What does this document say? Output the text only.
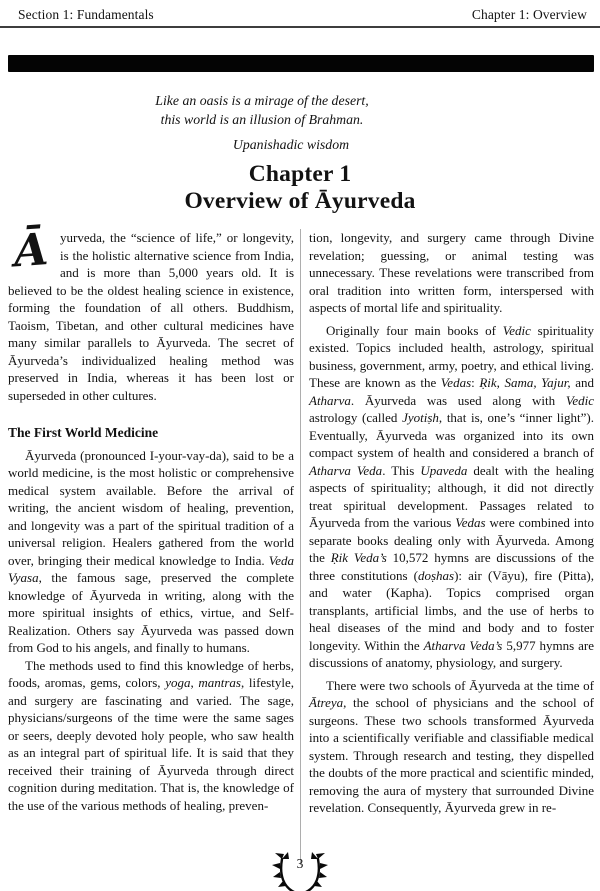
Section 1: Fundamentals	Chapter 1: Overview
Like an oasis is a mirage of the desert,
this world is an illusion of Brahman.
Upanishadic wisdom
Chapter 1
Overview of Āyurveda

Āyurveda, the “science of life,” or longevity, is the holistic alternative science from India, and is more than 5,000 years old. It is believed to be the oldest healing science in existence, forming the foundation of all others. Buddhism, Taoism, Tibetan, and other cultural medicines have many similar parallels to Āyurveda. The secret of Āyurveda’s individualized healing method was preserved in India, whereas it has been lost or superseded in other cultures.

The First World Medicine

Āyurveda (pronounced I-your-vay-da), said to be a world medicine, is the most holistic or comprehensive medical system available. Before the arrival of writing, the ancient wisdom of healing, prevention, and longevity was a part of the spiritual tradition of a universal religion. Healers gathered from the world over, bringing their medical knowledge to India. Veda Vyasa, the famous sage, preserved the complete knowledge of Āyurveda in writing, along with the more spiritual insights of ethics, virtue, and Self-Realization. Others say Āyurveda was passed down from God to his angels, and finally to humans.

The methods used to find this knowledge of herbs, foods, aromas, gems, colors, yoga, mantras, lifestyle, and surgery are fascinating and varied. The sage, physicians/surgeons of the time were the same sages or seers, deeply devoted holy people, who saw health as an integral part of spiritual life. It is said that they received their training of Āyurveda through direct cognition during meditation. That is, the knowledge of the use of the various methods of healing, preven-

tion, longevity, and surgery came through Divine revelation; guessing, or animal testing was unnecessary. These revelations were transcribed from oral tradition into written form, interspersed with aspects of mortal life and spirituality.

Originally four main books of Vedic spirituality existed. Topics included health, astrology, spiritual business, government, army, poetry, and ethical living. These are known as the Vedas: Ṛik, Sama, Yajur, and Atharva. Āyurveda was used along with Vedic astrology (called Jyotiṣh, that is, one’s “inner light”). Eventually, Āyurveda was organized into its own compact system of health and considered a branch of Atharva Veda. This Upaveda dealt with the healing aspects of spirituality; although, it did not directly treat spiritual development. Passages related to Āyurveda from the various Vedas were combined into separate books dealing only with Āyurveda. Among the Ṛik Veda’s 10,572 hymns are discussions of the three constitutions (doṣhas): air (Vāyu), fire (Pitta), and water (Kapha). Topics comprised organ transplants, artificial limbs, and the use of herbs to heal diseases of the mind and body and to foster longevity. Within the Atharva Veda’s 5,977 hymns are discussions of anatomy, physiology, and surgery.

There were two schools of Āyurveda at the time of Ātreya, the school of physicians and the school of surgeons. These two schools transformed Āyurveda into a scientifically verifiable and classifiable medical system. Through research and testing, they dispelled the doubts of the more practical and scientific minded, removing the aura of mystery that surrounded Divine revelation. Consequently, Āyurveda grew in re-

3
